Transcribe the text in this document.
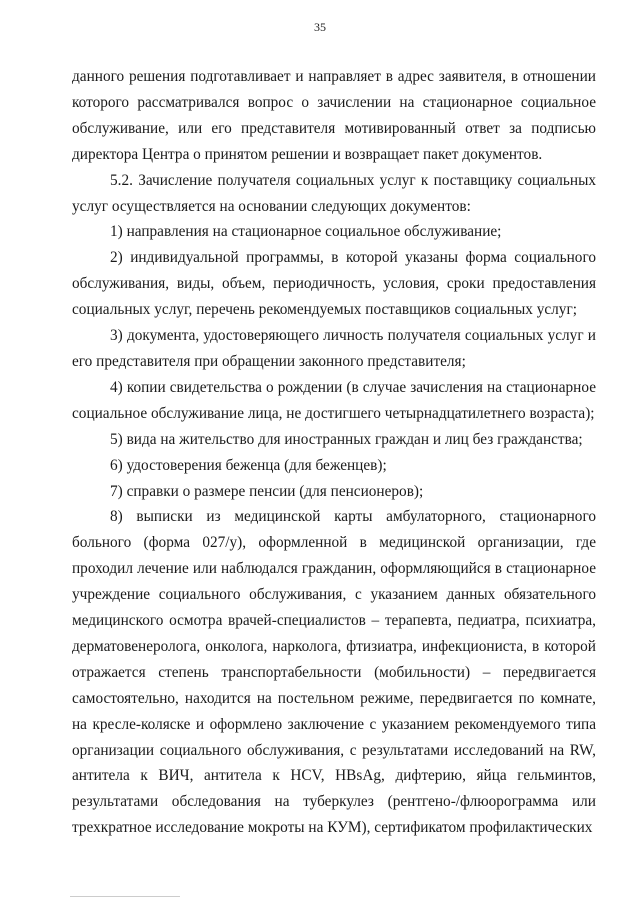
35

данного решения подготавливает и направляет в адрес заявителя, в отношении которого рассматривался вопрос о зачислении на стационарное социальное обслуживание, или его представителя мотивированный ответ за подписью директора Центра о принятом решении и возвращает пакет документов.

5.2. Зачисление получателя социальных услуг к поставщику социальных услуг осуществляется на основании следующих документов:

1) направления на стационарное социальное обслуживание;

2) индивидуальной программы, в которой указаны форма социального обслуживания, виды, объем, периодичность, условия, сроки предоставления социальных услуг, перечень рекомендуемых поставщиков социальных услуг;

3) документа, удостоверяющего личность получателя социальных услуг и его представителя при обращении законного представителя;

4) копии свидетельства о рождении (в случае зачисления на стационарное социальное обслуживание лица, не достигшего четырнадцатилетнего возраста);

5) вида на жительство для иностранных граждан и лиц без гражданства;

6) удостоверения беженца (для беженцев);

7) справки о размере пенсии (для пенсионеров);

8) выписки из медицинской карты амбулаторного, стационарного больного (форма 027/у), оформленной в медицинской организации, где проходил лечение или наблюдался гражданин, оформляющийся в стационарное учреждение социального обслуживания, с указанием данных обязательного медицинского осмотра врачей-специалистов – терапевта, педиатра, психиатра, дерматовенеролога, онколога, нарколога, фтизиатра, инфекциониста, в которой отражается степень транспортабельности (мобильности) – передвигается самостоятельно, находится на постельном режиме, передвигается по комнате, на кресле-коляске и оформлено заключение с указанием рекомендуемого типа организации социального обслуживания, с результатами исследований на RW, антитела к ВИЧ, антитела к HCV, HBsAg, дифтерию, яйца гельминтов, результатами обследования на туберкулез (рентгено-/флюорограмма или трехкратное исследование мокроты на КУМ), сертификатом профилактических
